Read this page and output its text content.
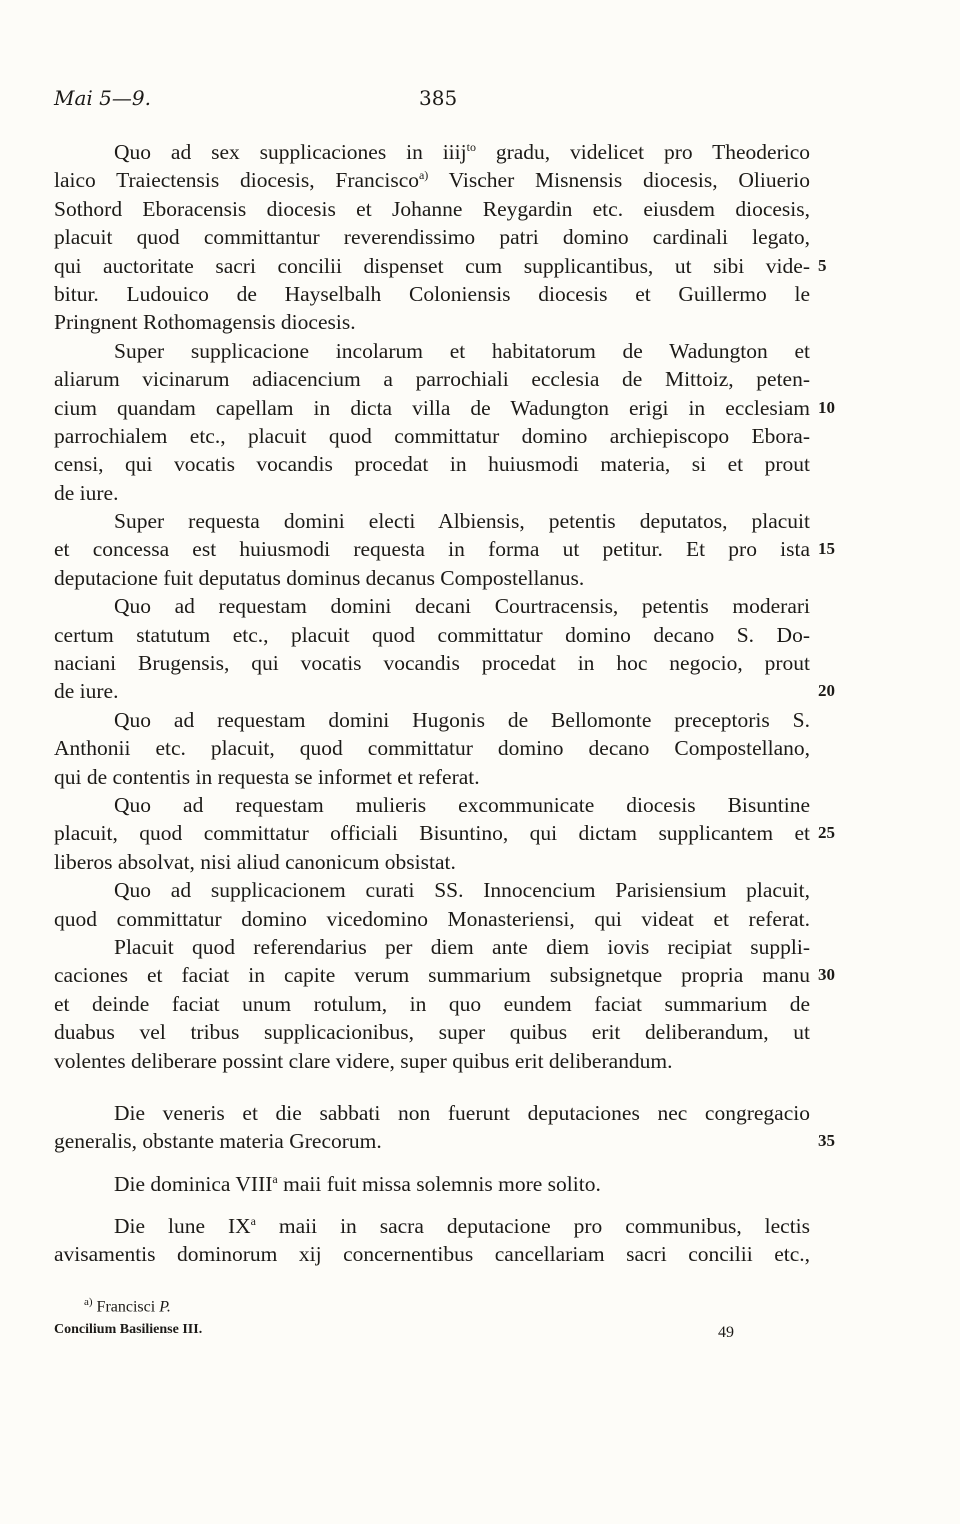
Mai 5—9.	385
Quo ad sex supplicaciones in iiij$^{to}$ gradu, videlicet pro Theoderico
laico Traiectensis diocesis, Francisco$^{a)}$ Vischer Misnensis diocesis, Oliuerio
Sothord Eboracensis diocesis et Johanne Reygardin etc. eiusdem diocesis,
placuit quod committantur reverendissimo patri domino cardinali legato,
qui auctoritate sacri concilii dispenset cum supplicantibus, ut sibi vide- 5
bitur. Ludouico de Hayselbalh Coloniensis diocesis et Guillermo le
Pringnent Rothomagensis diocesis.
Super supplicacione incolarum et habitatorum de Wadungton et
aliarum vicinarum adiacencium a parrochiali ecclesia de Mittoiz, peten-
cium quandam capellam in dicta villa de Wadungton erigi in ecclesiam 10
parrochialem etc., placuit quod committatur domino archiepiscopo Ebora-
censi, qui vocatis vocandis procedat in huiusmodi materia, si et prout
de iure.
Super requesta domini electi Albiensis, petentis deputatos, placuit
et concessa est huiusmodi requesta in forma ut petitur. Et pro ista 15
deputacione fuit deputatus dominus decanus Compostellanus.
Quo ad requestam domini decani Courtracensis, petentis moderari
certum statutum etc., placuit quod committatur domino decano S. Do-
naciani Brugensis, qui vocatis vocandis procedat in hoc negocio, prout
de iure.	20
Quo ad requestam domini Hugonis de Bellomonte preceptoris S.
Anthonii etc. placuit, quod committatur domino decano Compostellano,
qui de contentis in requesta se informet et referat.
Quo ad requestam mulieris excommunicate diocesis Bisuntine
placuit, quod committatur officiali Bisuntino, qui dictam supplicantem et 25
liberos absolvat, nisi aliud canonicum obsistat.
Quo ad supplicacionem curati SS. Innocencium Parisiensium placuit,
quod committatur domino vicedomino Monasteriensi, qui videat et referat.
Placuit quod referendarius per diem ante diem iovis recipiat suppli-
caciones et faciat in capite verum summarium subsignetque propria manu 30
et deinde faciat unum rotulum, in quo eundem faciat summarium de
duabus vel tribus supplicacionibus, super quibus erit deliberandum, ut
volentes deliberare possint clare videre, super quibus erit deliberandum.
Die veneris et die sabbati non fuerunt deputaciones nec congregacio
generalis, obstante materia Grecorum.	35
Die dominica VIII$^a$ maii fuit missa solemnis more solito.
Die lune $IX^a$ maii in sacra deputacione pro communibus, lectis
avisamentis dominorum xij concernentibus cancellariam sacri concilii etc.,
$^{a)}$ Francisci P.
Concilium Basiliense III.	49
